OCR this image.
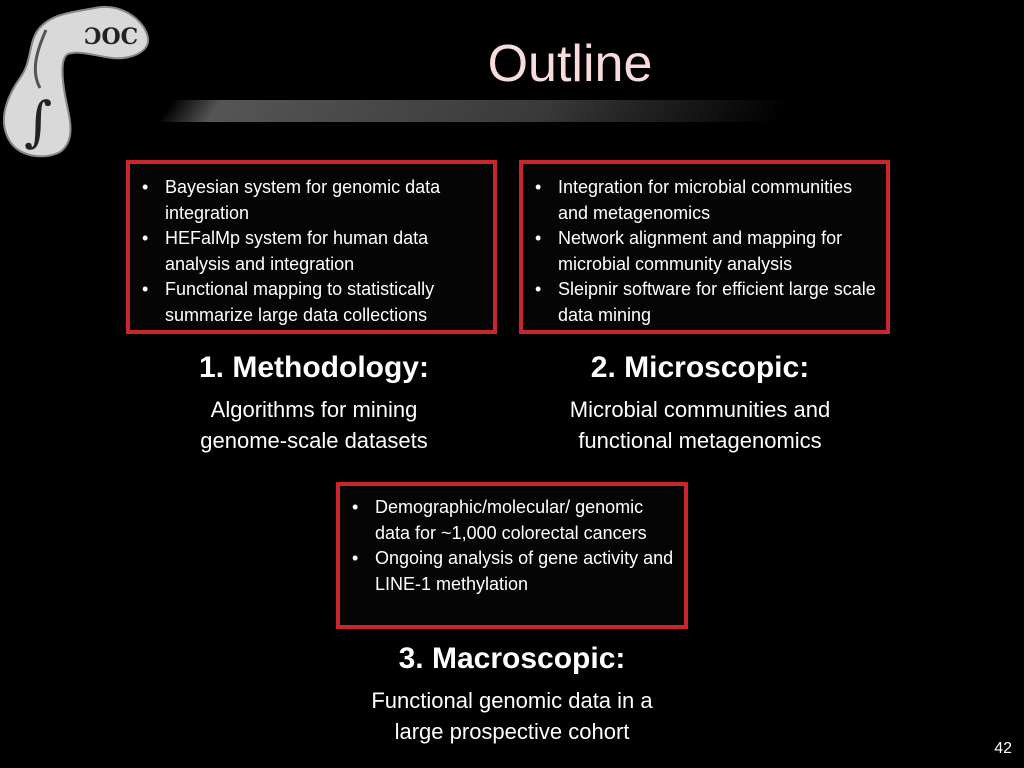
∫
ƆOC	Outline
• Bayesian system for genomic data integration
• HEFalMp system for human data analysis and integration
• Functional mapping to statistically summarize large data collections
1. Methodology:
Algorithms for mining
genome-scale datasets
• Integration for microbial communities and metagenomics
• Network alignment and mapping for microbial community analysis
• Sleipnir software for efficient large scale data mining
2. Microscopic:
Microbial communities and
functional metagenomics
• Demographic/molecular/ genomic data for ~1,000 colorectal cancers
• Ongoing analysis of gene activity and LINE-1 methylation
3. Macroscopic:
Functional genomic data in a
large prospective cohort
42
